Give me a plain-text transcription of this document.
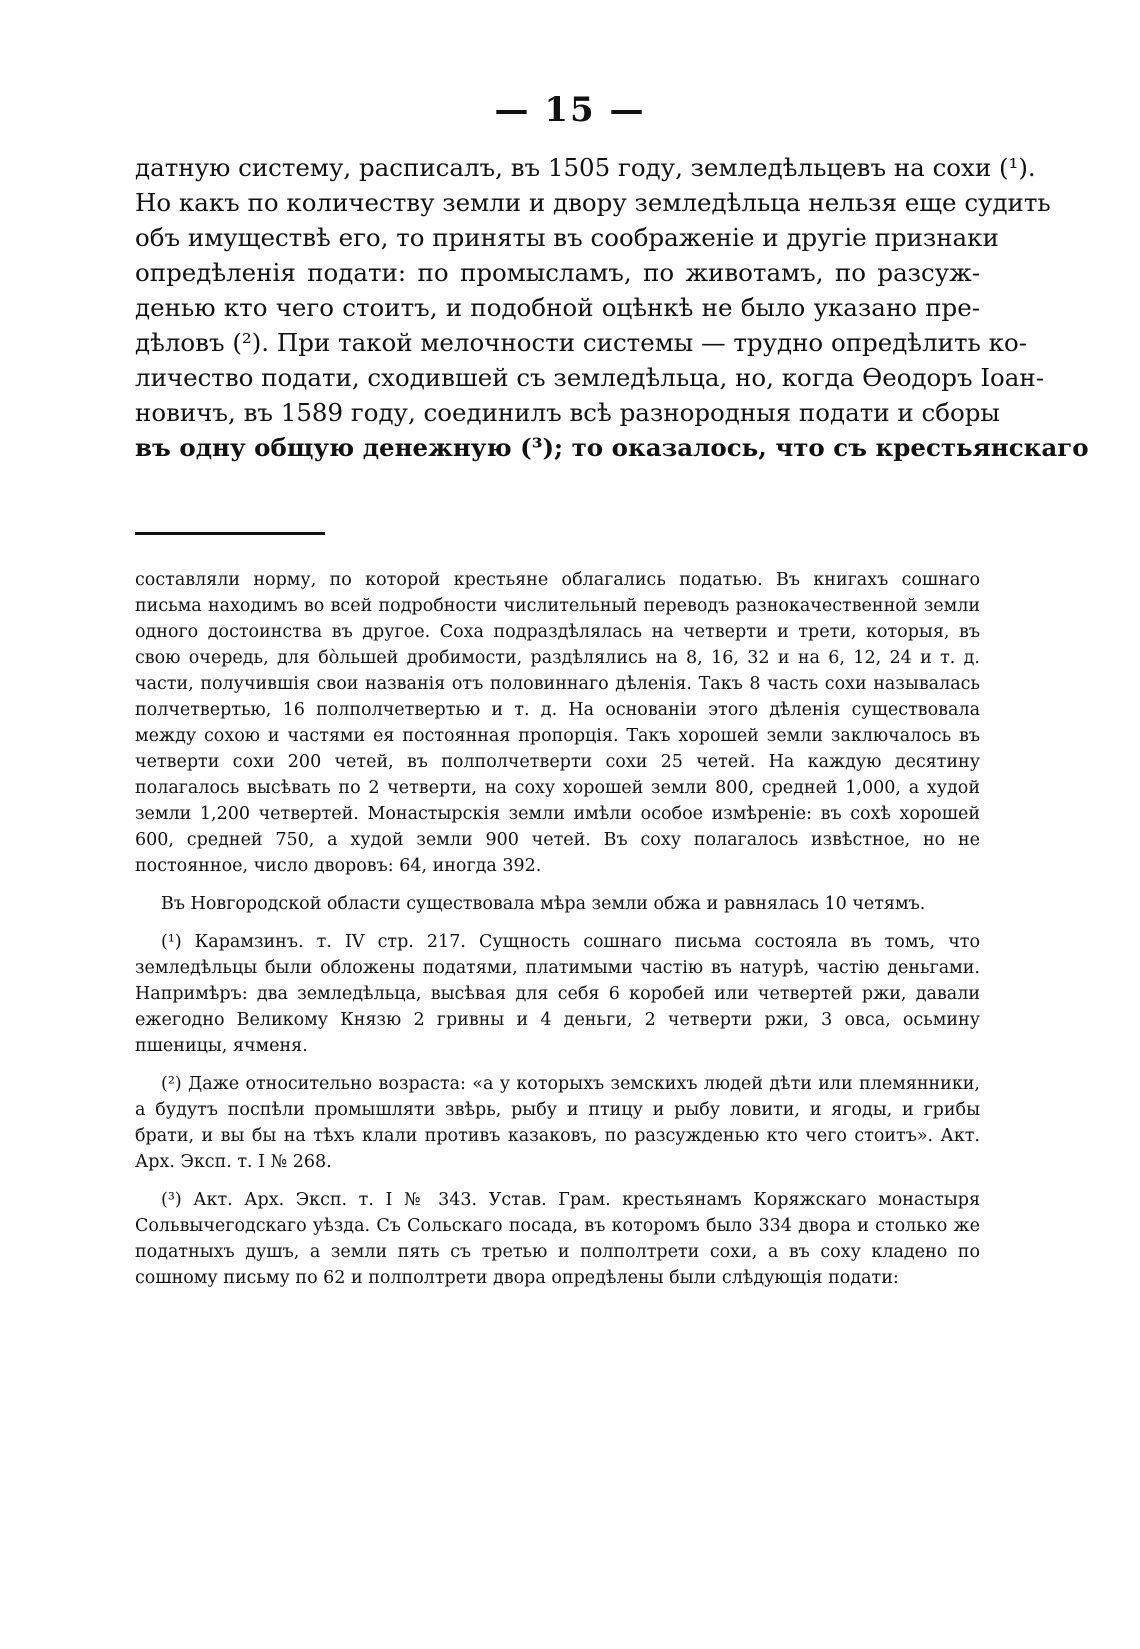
— 15 —
датную систему, расписалъ, въ 1505 году, земледѣльцевъ на сохи (¹).
Но какъ по количеству земли и двору земледѣльца нельзя еще судить
объ имуществѣ его, то приняты въ соображеніе и другіе признаки
опредѣленія подати: по промысламъ, по животамъ, по разсуж-
денью кто чего стоитъ, и подобной оцѣнкѣ не было указано пре-
дѣловъ (²). При такой мелочности системы — трудно опредѣлить ко-
личество подати, сходившей съ земледѣльца, но, когда Ѳеодоръ Іоан-
новичъ, въ 1589 году, соединилъ всѣ разнородныя подати и сборы
въ одну общую денежную (³); то оказалось, что съ крестьянскаго

составляли норму, по которой крестьяне облагались податью. Въ книгахъ сошнаго письма находимъ во всей подробности числительный переводъ разнокачественной земли одного достоинства въ другое. Соха подраздѣлялась на четверти и трети, которыя, въ свою очередь, для бо̀льшей дробимости, раздѣлялись на 8, 16, 32 и на 6, 12, 24 и т. д. части, получившія свои названія отъ половиннаго дѣленія. Такъ 8 часть сохи называлась полчетвертью, 16 полполчетвертью и т. д. На основаніи этого дѣленія существовала между сохою и частями ея постоянная пропорція. Такъ хорошей земли заключалось въ четверти сохи 200 четей, въ полполчетверти сохи 25 четей. На каждую десятину полагалось высѣвать по 2 четверти, на соху хорошей земли 800, средней 1,000, а худой земли 1,200 четвертей. Монастырскія земли имѣли особое измѣреніе: въ сохѣ хорошей 600, средней 750, а худой земли 900 четей. Въ соху полагалось извѣстное, но не постоянное, число дворовъ: 64, иногда 392.

Въ Новгородской области существовала мѣра земли обжа и равнялась 10 четямъ.

(¹) Карамзинъ. т. IV стр. 217. Сущность сошнаго письма состояла въ томъ, что земледѣльцы были обложены податями, платимыми частію въ натурѣ, частію деньгами. Напримѣръ: два земледѣльца, высѣвая для себя 6 коробей или четвертей ржи, давали ежегодно Великому Князю 2 гривны и 4 деньги, 2 четверти ржи, 3 овса, осьмину пшеницы, ячменя.

(²) Даже относительно возраста: «а у которыхъ земскихъ людей дѣти или племянники, а будутъ поспѣли промышляти звѣрь, рыбу и птицу и рыбу ловити, и ягоды, и грибы брати, и вы бы на тѣхъ клали противъ казаковъ, по разсужденью кто чего стоитъ». Акт. Арх. Эксп. т. I № 268.

(³) Акт. Арх. Эксп. т. I № 343. Устав. Грам. крестьянамъ Коряжскаго монастыря Сольвычегодскаго уѣзда. Съ Сольскаго посада, въ которомъ было 334 двора и столько же податныхъ душъ, а земли пять съ третью и полполтрети сохи, а въ соху кладено по сошному письму по 62 и полполтрети двора опредѣлены были слѣдующія подати:
